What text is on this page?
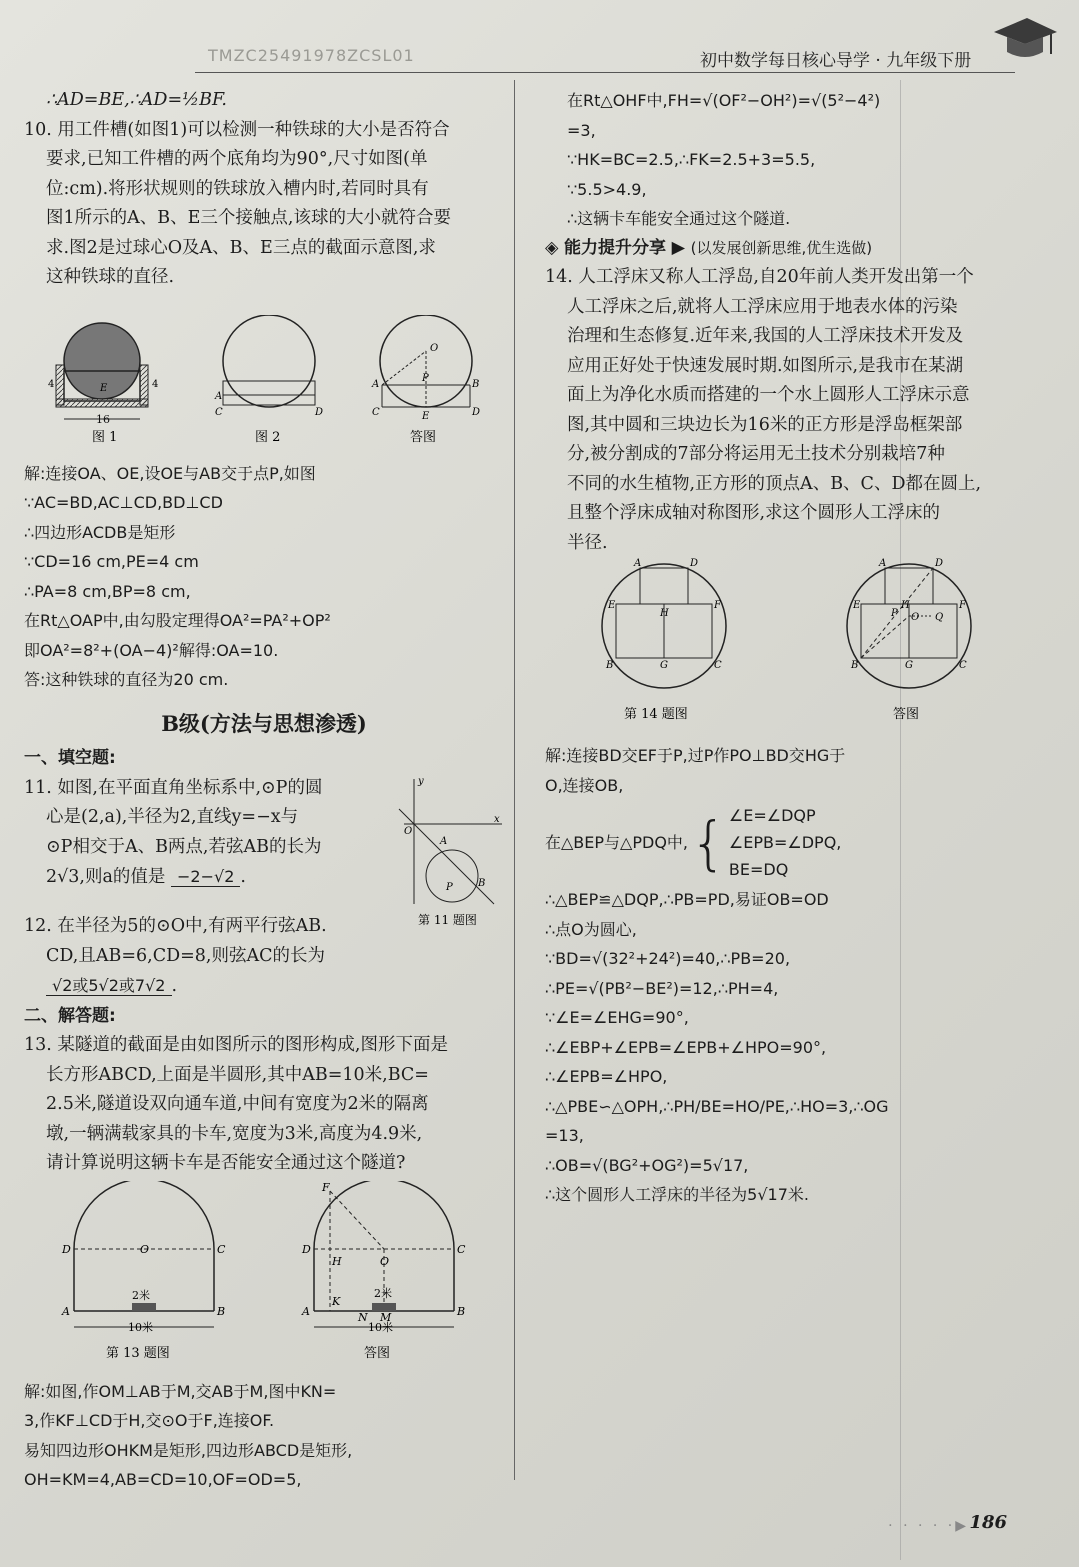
TMZC25491978ZCSL01	初中数学每日核心导学 · 九年级下册

∴AD=BE,∴AD=½BF.

10. 用工件槽(如图1)可以检测一种铁球的大小是否符合

要求,已知工件槽的两个底角均为90°,尺寸如图(单

位:cm).将形状规则的铁球放入槽内时,若同时具有

图1所示的A、B、E三个接触点,该球的大小就符合要

求.图2是过球心O及A、B、E三点的截面示意图,求

这种铁球的直径.

E
4	4
16
图 1
A
C	D
图 2
O
A	B
P
C	E	D
答图

解:连接OA、OE,设OE与AB交于点P,如图

∵AC=BD,AC⊥CD,BD⊥CD

∴四边形ACDB是矩形

∵CD=16 cm,PE=4 cm

∴PA=8 cm,BP=8 cm,

在Rt△OAP中,由勾股定理得OA²=PA²+OP²

即OA²=8²+(OA−4)²解得:OA=10.

答:这种铁球的直径为20 cm.

B级(方法与思想渗透)

一、填空题:

11. 如图,在平面直角坐标系中,⊙P的圆

心是(2,a),半径为2,直线y=−x与

⊙P相交于A、B两点,若弦AB的长为

2√3,则a的值是 −2−√2 .

y
x
O
A
B
P
第 11 题图

12. 在半径为5的⊙O中,有两平行弦AB.

CD,且AB=6,CD=8,则弦AC的长为

√2或5√2或7√2 .

二、解答题:

13. 某隧道的截面是由如图所示的图形构成,图形下面是

长方形ABCD,上面是半圆形,其中AB=10米,BC=

2.5米,隧道设双向通车道,中间有宽度为2米的隔离

墩,一辆满载家具的卡车,宽度为3米,高度为4.9米,

请计算说明这辆卡车是否能安全通过这个隧道?

D	C
O
A	B
2米
10米
第 13 题图
F
H
D	C
O
K
N M
A	B
2米
10米
答图

解:如图,作OM⊥AB于M,交AB于M,图中KN=

3,作KF⊥CD于H,交⊙O于F,连接OF.

易知四边形OHKM是矩形,四边形ABCD是矩形,

OH=KM=4,AB=CD=10,OF=OD=5,

在Rt△OHF中,FH=√(OF²−OH²)=√(5²−4²)

=3,

∵HK=BC=2.5,∴FK=2.5+3=5.5,

∵5.5>4.9,

∴这辆卡车能安全通过这个隧道.

◈ 能力提升分享 ▶ (以发展创新思维,优生选做)

14. 人工浮床又称人工浮岛,自20年前人类开发出第一个

人工浮床之后,就将人工浮床应用于地表水体的污染

治理和生态修复.近年来,我国的人工浮床技术开发及

应用正好处于快速发展时期.如图所示,是我市在某湖

面上为净化水质而搭建的一个水上圆形人工浮床示意

图,其中圆和三块边长为16米的正方形是浮岛框架部

分,被分割成的7部分将运用无土技术分别栽培7种

不同的水生植物,正方形的顶点A、B、C、D都在圆上,

且整个浮床成轴对称图形,求这个圆形人工浮床的

半径.

A	D
E	F
H
G
B	C
第 14 题图
A	D
E	F
P
H
O Q
G
B	C
答图

解:连接BD交EF于P,过P作PO⊥BD交HG于

O,连接OB,

在△BEP与△PDQ中, { ∠E=∠DQP

∠EPB=∠DPQ,

BE=DQ

∴△BEP≌△DQP,∴PB=PD,易证OB=OD

∴点O为圆心,

∵BD=√(32²+24²)=40,∴PB=20,

∴PE=√(PB²−BE²)=12,∴PH=4,

∵∠E=∠EHG=90°,

∴∠EBP+∠EPB=∠EPB+∠HPO=90°,

∴∠EPB=∠HPO,

∴△PBE∽△OPH,∴PH/BE=HO/PE,∴HO=3,∴OG

=13,

∴OB=√(BG²+OG²)=5√17,

∴这个圆形人工浮床的半径为5√17米.

· · · · ·▶ 186
